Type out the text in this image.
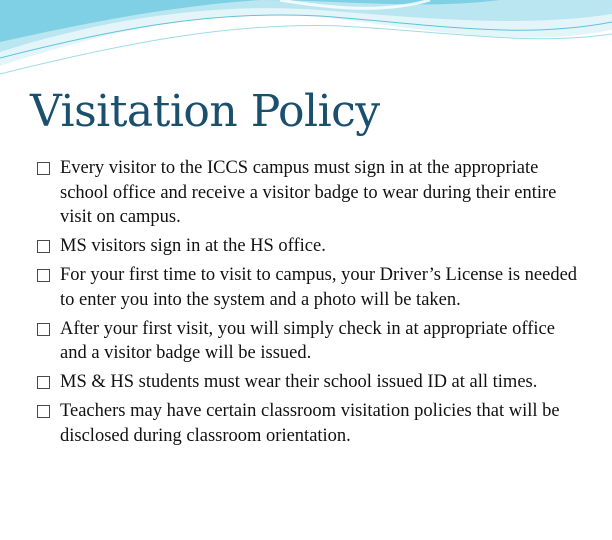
Visitation Policy
Every visitor to the ICCS campus must sign in at the appropriate school office and receive a visitor badge to wear during their entire visit on campus.
MS visitors sign in at the HS office.
For your first time to visit to campus, your Driver’s License is needed to enter you into the system and a photo will be taken.
After your first visit, you will simply check in at appropriate office and a visitor badge will be issued.
MS & HS students must wear their school issued ID at all times.
Teachers may have certain classroom visitation policies that will be disclosed during classroom orientation.
